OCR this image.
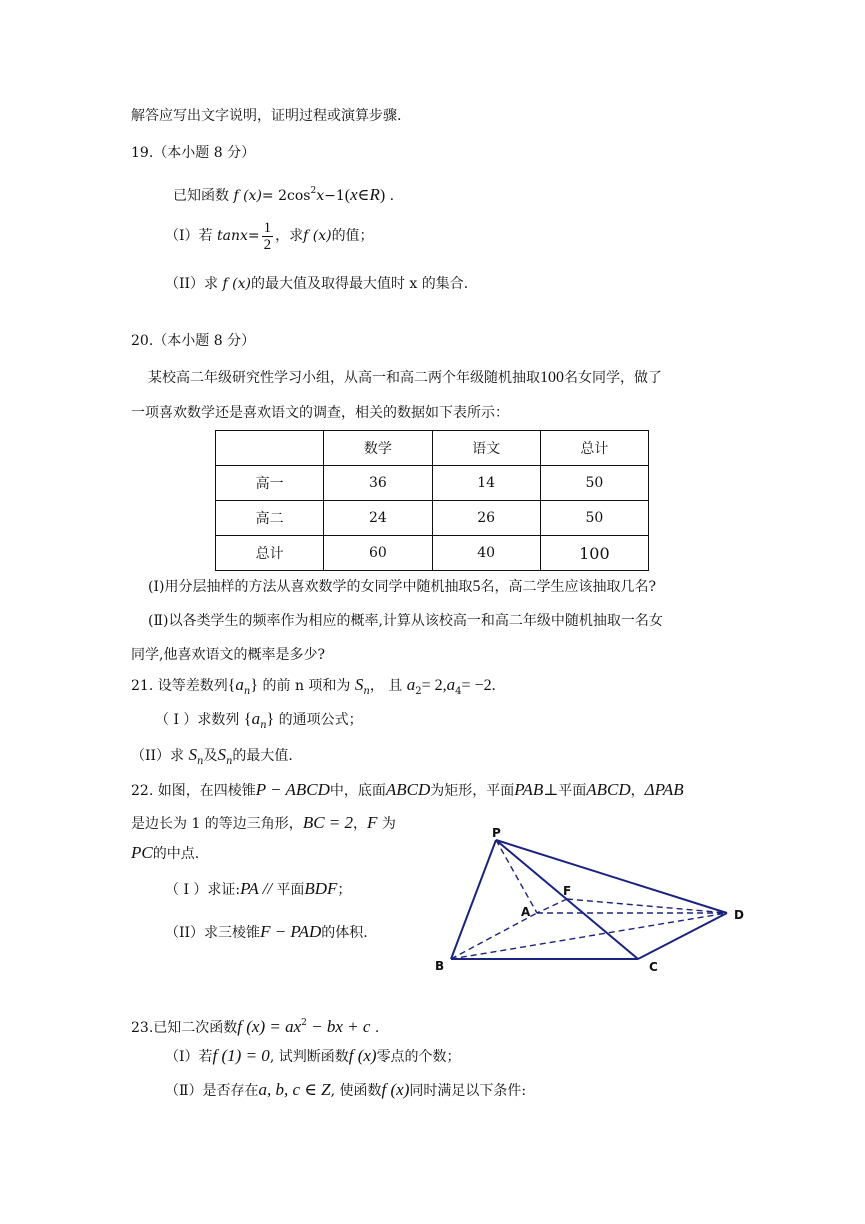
解答应写出文字说明，证明过程或演算步骤.
19.（本小题 8 分）
已知函数 f $(x)= 2\cos^2x-1(x\in R)$ .
（I）若 $\tan x= \frac{1}{2}$ ，求f (x)的值；
（II）求 f (x)的最大值及取得最大值时 x 的集合.
20.（本小题 8 分）
某校高二年级研究性学习小组，从高一和高二两个年级随机抽取100名女同学，做了
一项喜欢数学还是喜欢语文的调查，相关的数据如下表所示：
	数学	语文	总计
高一	36	14	50
高二	24	26	50
总计	60	40	100
(Ⅰ)用分层抽样的方法从喜欢数学的女同学中随机抽取5名，高二学生应该抽取几名?
(Ⅱ)以各类学生的频率作为相应的概率,计算从该校高一和高二年级中随机抽取一名女
同学,他喜欢语文的概率是多少?
21. 设等差数列$\{a_n\}$ 的前 n 项和为 $S_n$， 且 $a_2= 2,a_4= -2$.
（ I ）求数列 $\{a_n\}$ 的通项公式；
（II）求 $S_n$及$S_n$的最大值.
22. 如图，在四棱锥P − ABCD中，底面ABCD为矩形，平面PAB⊥平面ABCD，ΔPAB
是边长为 1 的等边三角形，BC = 2，F 为
PC的中点.
（ I ）求证:PA // 平面BDF；
（II）求三棱锥F − PAD的体积.
P
F
A	D
B	C
23.已知二次函数f $(x) = ax^2$ − bx + c .
（I）若f (1) = 0, 试判断函数f (x)零点的个数；
（Ⅱ）是否存在a, b, c ∈ Z, 使函数f (x)同时满足以下条件:
